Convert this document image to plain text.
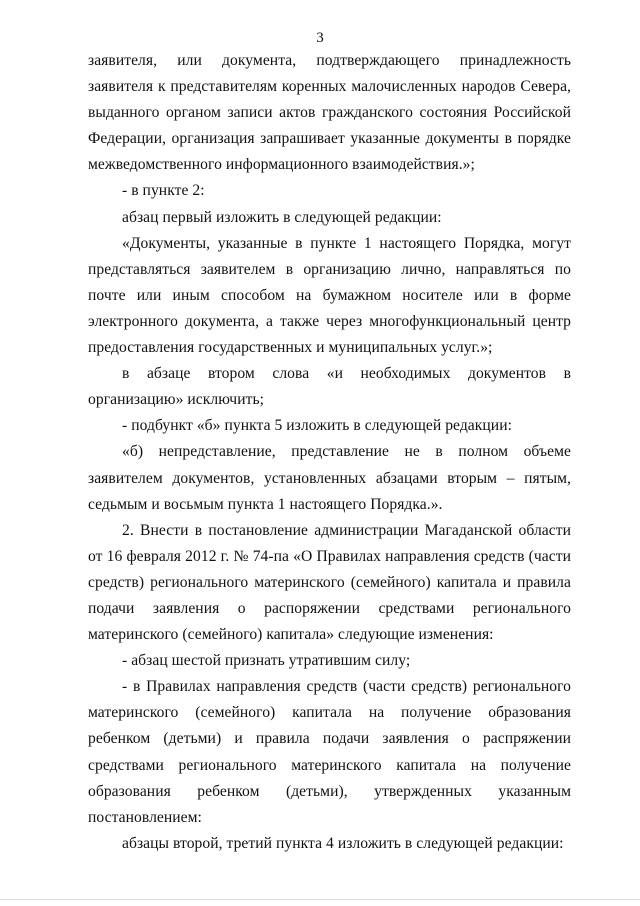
3

заявителя, или документа, подтверждающего принадлежность заявителя к представителям коренных малочисленных народов Севера, выданного органом записи актов гражданского состояния Российской Федерации, организация запрашивает указанные документы в порядке межведомственного информационного взаимодействия.»;

- в пункте 2:

абзац первый изложить в следующей редакции:

«Документы, указанные в пункте 1 настоящего Порядка, могут представляться заявителем в организацию лично, направляться по почте или иным способом на бумажном носителе или в форме электронного документа, а также через многофункциональный центр предоставления государственных и муниципальных услуг.»;

в абзаце втором слова «и необходимых документов в организацию» исключить;

- подбункт «б» пункта 5 изложить в следующей редакции:

«б) непредставление, представление не в полном объеме заявителем документов, установленных абзацами вторым – пятым, седьмым и восьмым пункта 1 настоящего Порядка.».

2. Внести в постановление администрации Магаданской области от 16 февраля 2012 г. № 74-па «О Правилах направления средств (части средств) регионального материнского (семейного) капитала и правила подачи заявления о распоряжении средствами регионального материнского (семейного) капитала» следующие изменения:

- абзац шестой признать утратившим силу;

- в Правилах направления средств (части средств) регионального материнского (семейного) капитала на получение образования ребенком (детьми) и правила подачи заявления о распряжении средствами регионального материнского капитала на получение образования ребенком (детьми), утвержденных указанным постановлением:

абзацы второй, третий пункта 4 изложить в следующей редакции:
